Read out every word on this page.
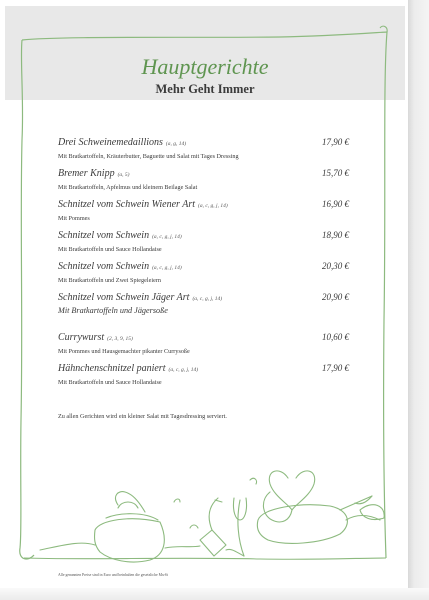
Hauptgerichte
Mehr Geht Immer
Drei Schweinemedaillions (a, g, 14)
Mit Bratkartoffeln, Kräuterbutter, Baguette und Salat mit Tages Dressing
17,90 €
Bremer Knipp (a, 5)
Mit Bratkartoffeln, Apfelmus und kleinem Beilage Salat
15,70 €
Schnitzel vom Schwein Wiener Art (a, c, g, j, 14)
Mit Pommes
16,90 €
Schnitzel vom Schwein (a, c, g, j, 14)
Mit Bratkartoffeln und Sauce Hollandaise
18,90 €
Schnitzel vom Schwein (a, c, g, j, 14)
Mit Bratkartoffeln und Zwei Spiegeleiern
20,30 €
Schnitzel vom Schwein Jäger Art (a, c, g, j, 14)
Mit Bratkartoffeln und Jägersoße
20,90 €
Currywurst (2, 3, 9, 15)
Mit Pommes und Hausgemachter pikanter Currysoße
10,60 €
Hähnchenschnitzel paniert (a, c, g, j, 14)
Mit Bratkartoffeln und Sauce Hollandaise
17,90 €
Zu allen Gerichten wird ein kleiner Salat mit Tagesdressing serviert.
Alle genannten Preise sind in Euro und beinhalten die gesetzliche MwSt
